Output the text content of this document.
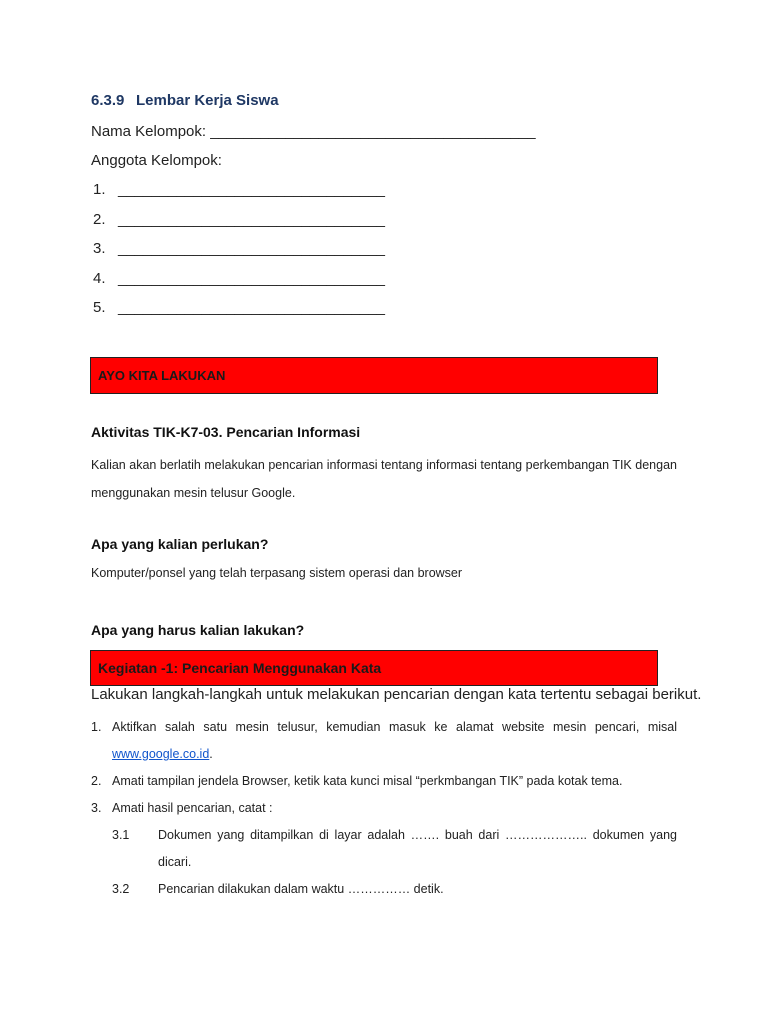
6.3.9 Lembar Kerja Siswa
Nama Kelompok: _______________________________________
Anggota Kelompok:
1. ________________________________
2. ________________________________
3. ________________________________
4. ________________________________
5. ________________________________
AYO KITA LAKUKAN
Aktivitas TIK-K7-03. Pencarian Informasi
Kalian akan berlatih melakukan pencarian informasi tentang informasi tentang perkembangan TIK dengan menggunakan mesin telusur Google.
Apa yang kalian perlukan?
Komputer/ponsel yang telah terpasang sistem operasi dan browser
Apa yang harus kalian lakukan?
Kegiatan -1: Pencarian Menggunakan Kata
Lakukan langkah-langkah untuk melakukan pencarian dengan kata tertentu sebagai berikut.
1. Aktifkan salah satu mesin telusur, kemudian masuk ke alamat website mesin pencari, misal www.google.co.id.
2. Amati tampilan jendela Browser, ketik kata kunci misal “perkmbangan TIK” pada kotak tema.
3. Amati hasil pencarian, catat :
3.1 Dokumen yang ditampilkan di layar adalah ……. buah dari ……………….. dokumen yang dicari.
3.2 Pencarian dilakukan dalam waktu …………… detik.
